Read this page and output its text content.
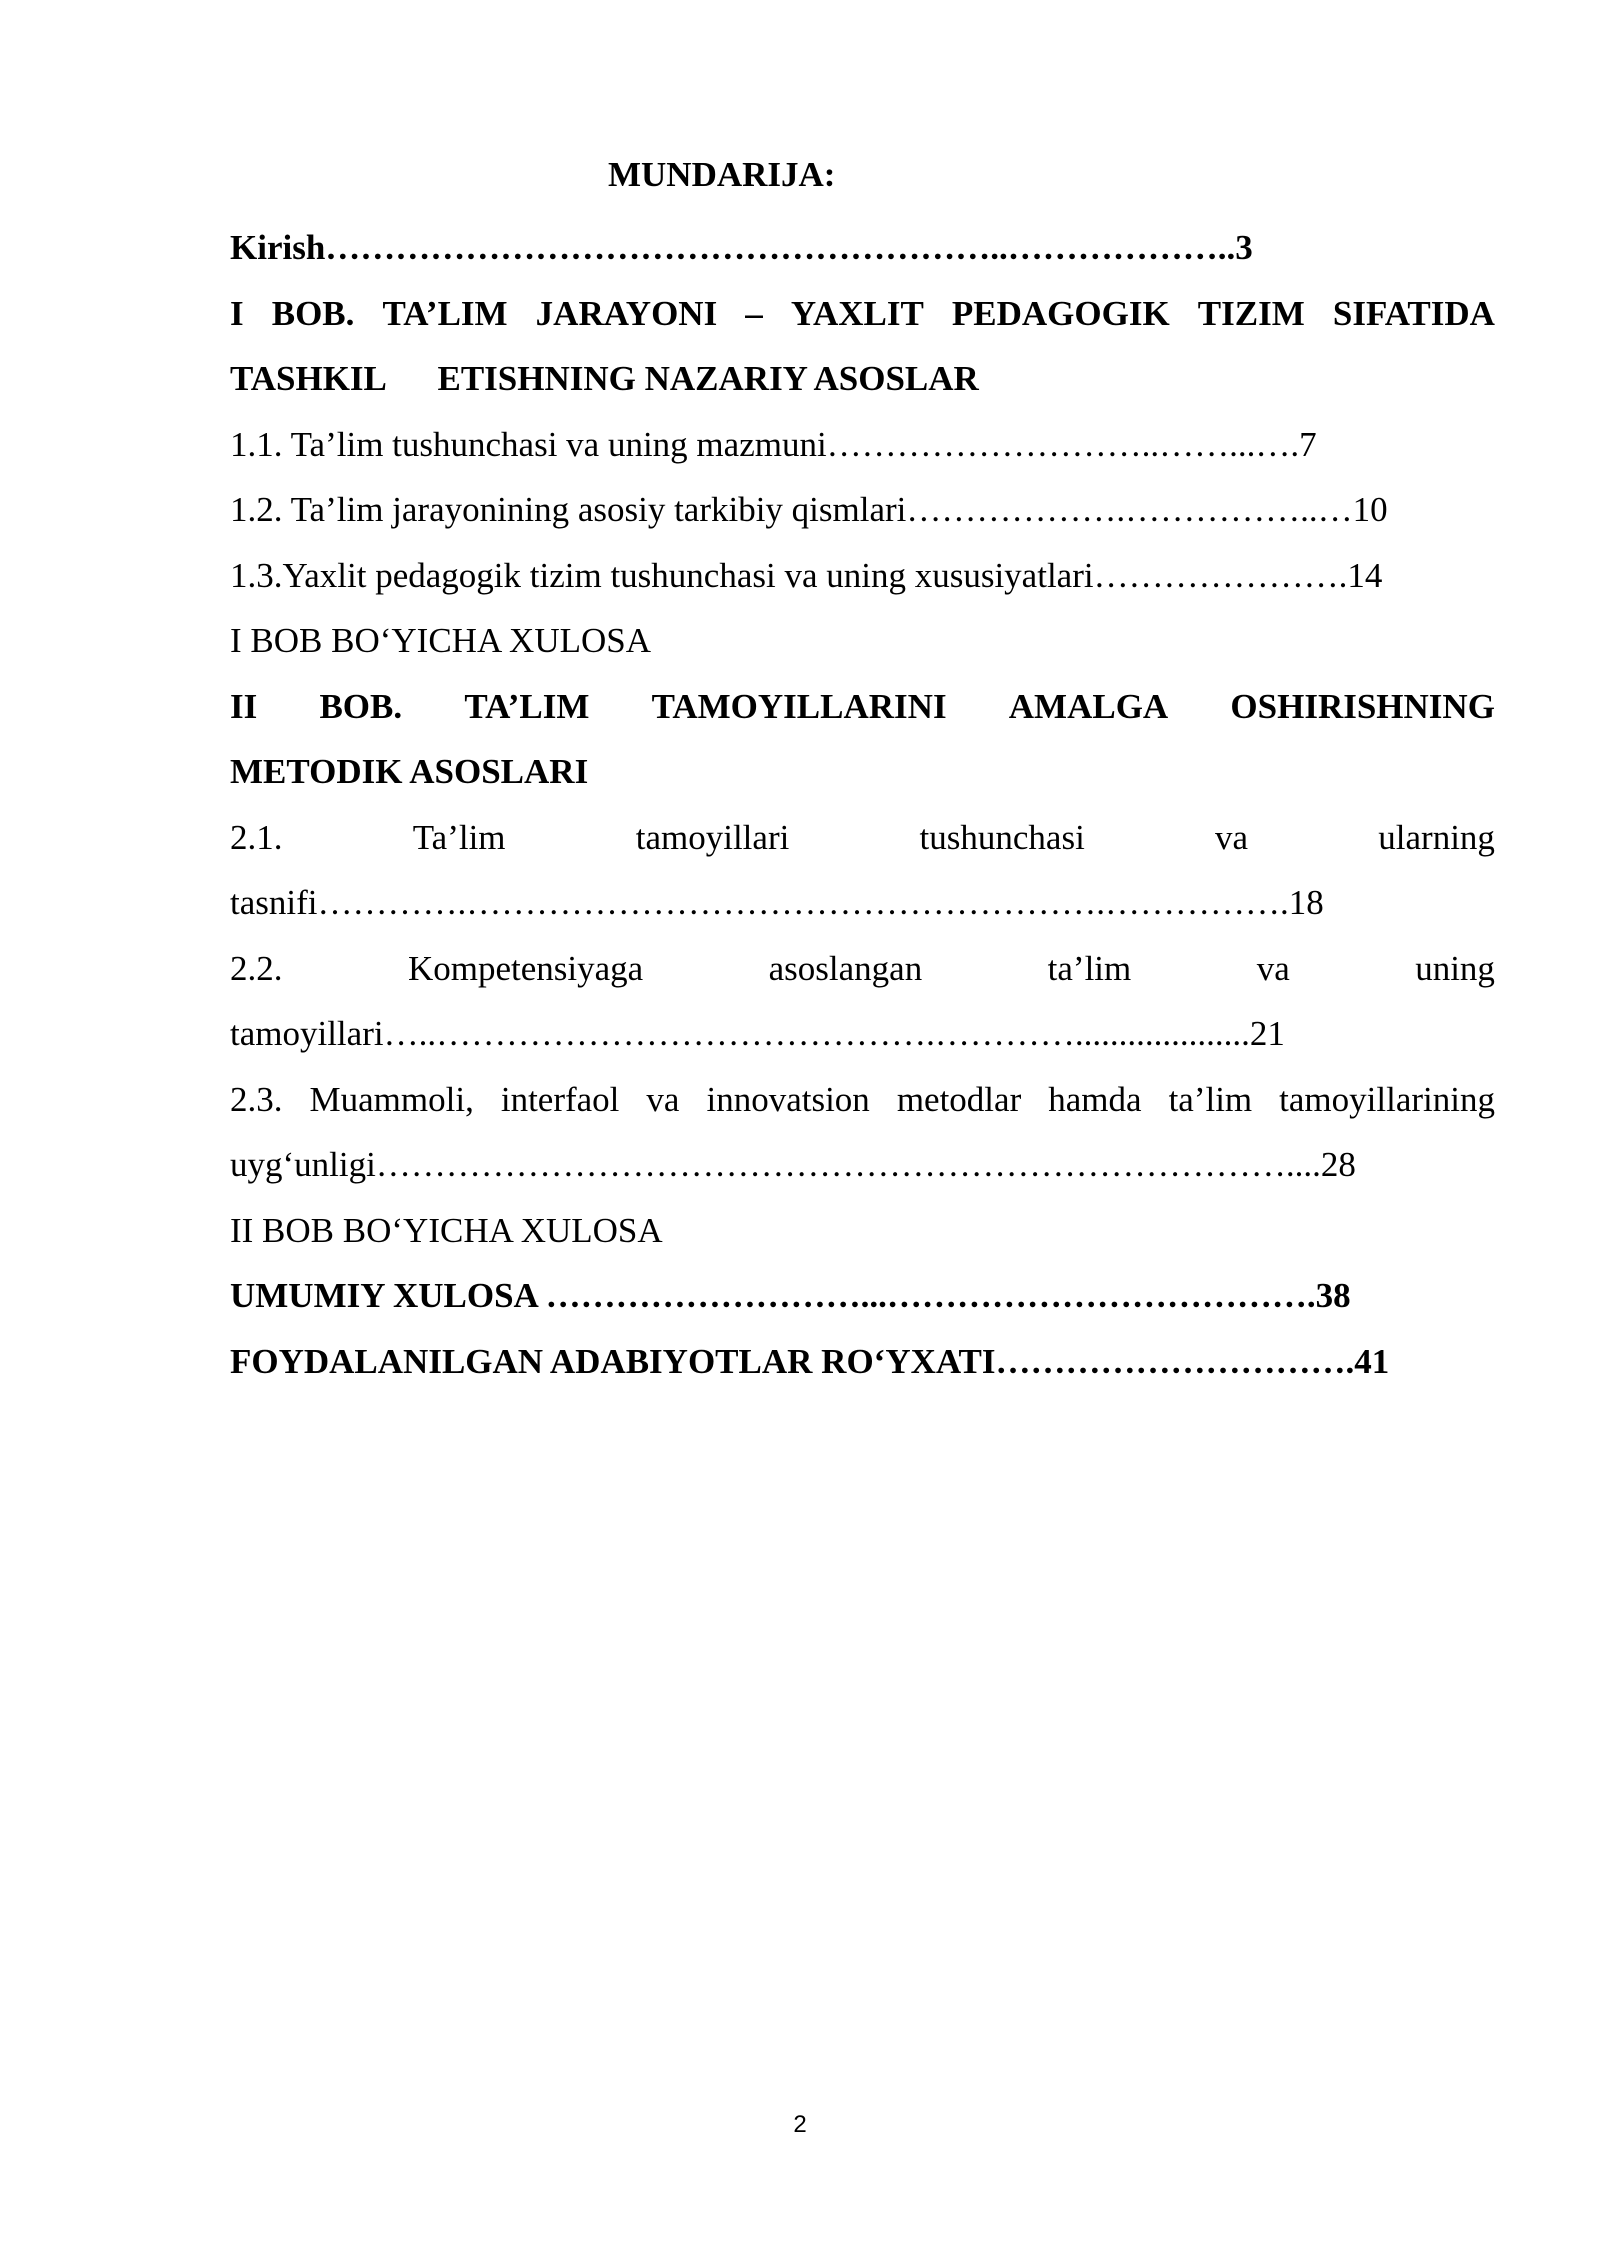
MUNDARIJA:
Kirish…………………………………………………..………………..3
I BOB. TA’LIM JARAYONI – YAXLIT PEDAGOGIK TIZIM SIFATIDA
TASHKIL      ETISHNING NAZARIY ASOSLAR
1.1. Ta’lim tushunchasi va uning mazmuni………………………..……...….7
1.2. Ta’lim jarayonining asosiy tarkibiy qismlari……………….……………..…10
1.3.Yaxlit pedagogik tizim tushunchasi va uning xususiyatlari………………….14
I BOB BO‘YICHA XULOSA
II BOB. TA’LIM TAMOYILLARINI AMALGA OSHIRISHNING
METODIK ASOSLARI
2.1.	Ta’lim	tamoyillari	tushunchasi	va	ularning
tasnifi………….……………………………………………….…………….18
2.2.	Kompetensiyaga	asoslangan	ta’lim	va	uning
tamoyillari…..…………………………………….…………....................21
2.3. Muammoli, interfaol va innovatsion metodlar hamda ta’lim tamoyillarining
uyg‘unligi……………………………………………………………………....28
II BOB BO‘YICHA XULOSA
UMUMIY XULOSA ………………………...……………………………….38
FOYDALANILGAN ADABIYOTLAR RO‘YXATI………………………….41
2
